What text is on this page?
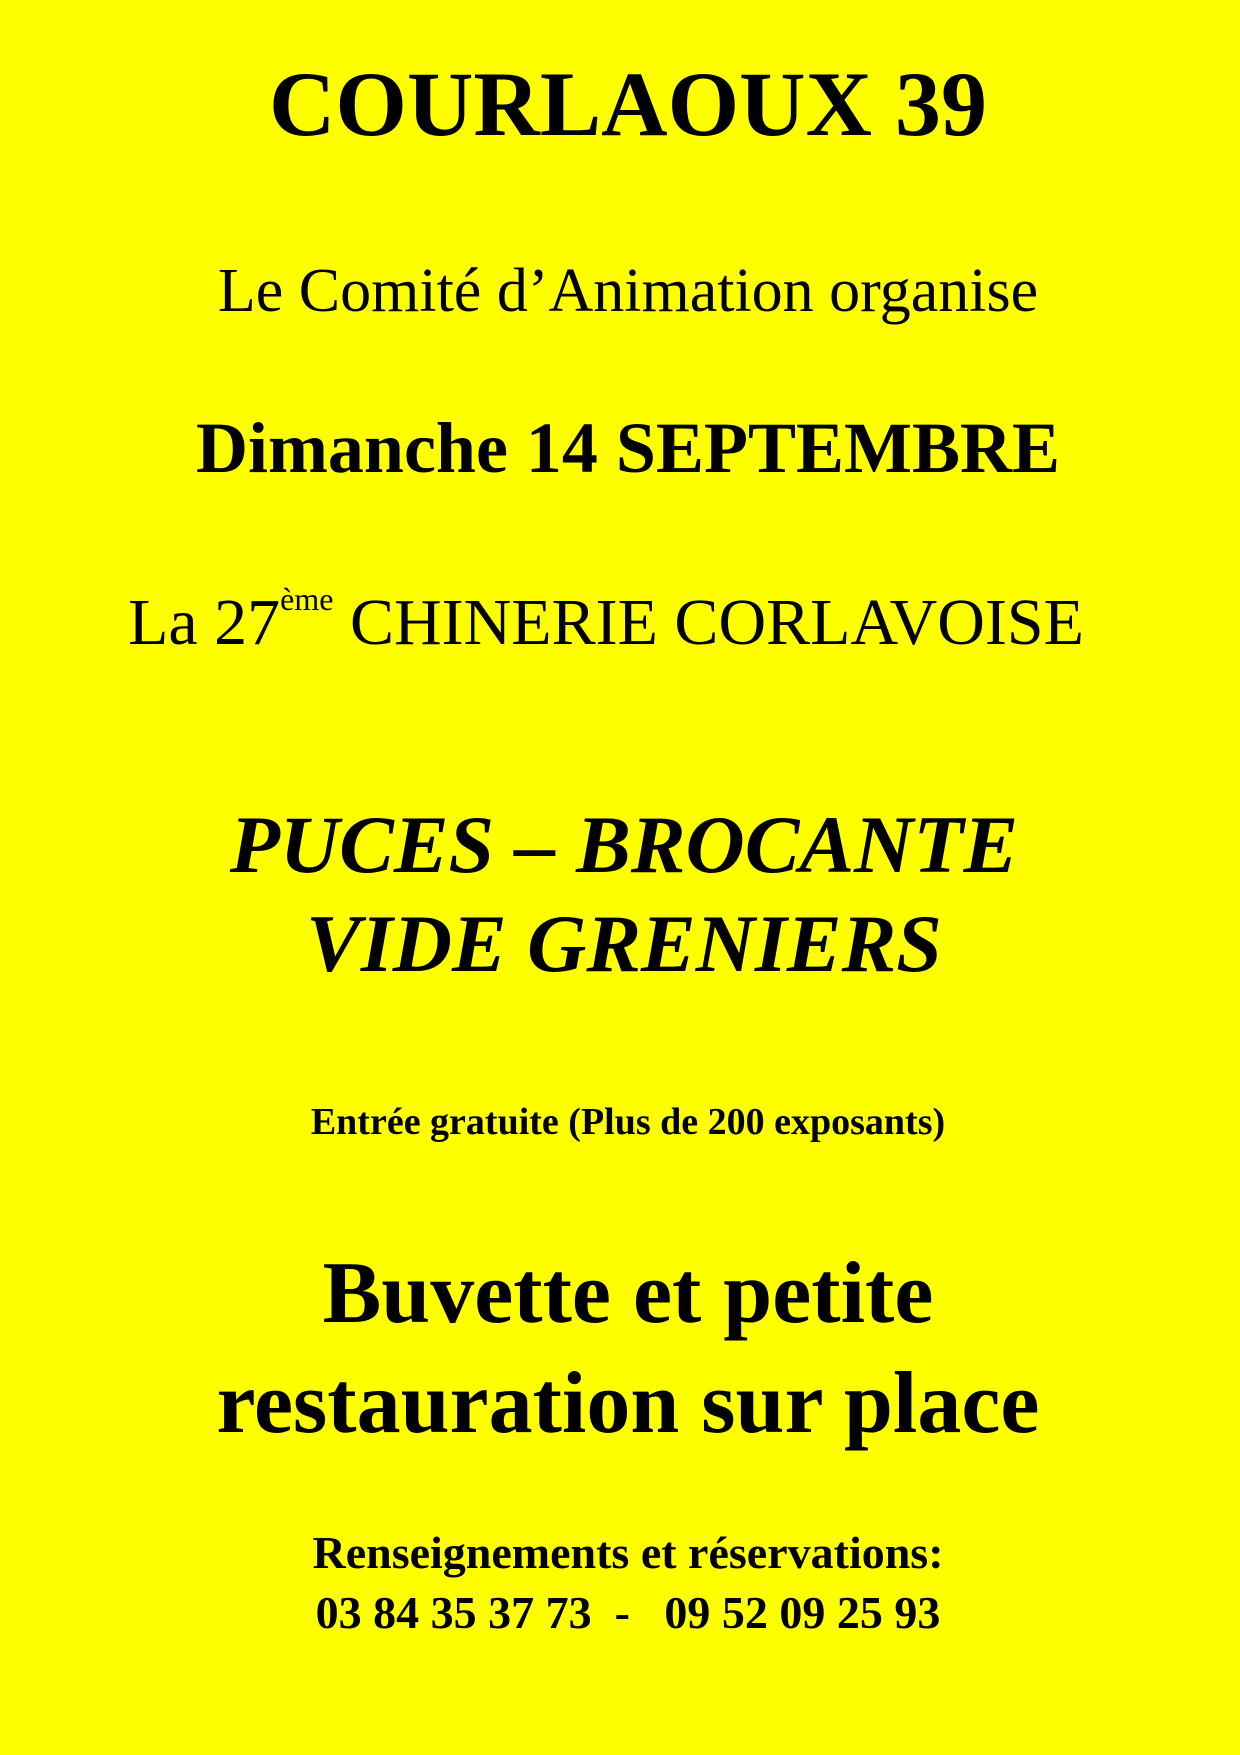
COURLAOUX 39
Le Comité d’Animation organise
Dimanche 14 SEPTEMBRE
La 27ème CHINERIE CORLAVOISE
PUCES – BROCANTE
VIDE GRENIERS
Entrée gratuite (Plus de 200 exposants)
Buvette et petite
restauration sur place
Renseignements et réservations:
03 84 35 37 73  -   09 52 09 25 93
